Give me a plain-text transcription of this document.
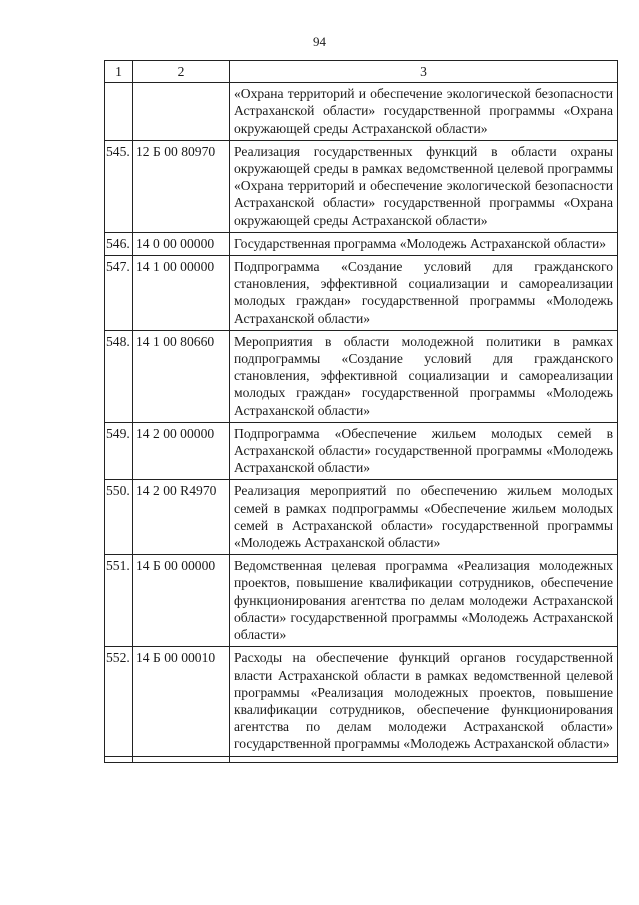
94
1	2	3
		«Охрана территорий и обеспечение экологической безопасности Астраханской области» государственной программы «Охрана окружающей среды Астраханской области»
545.	12 Б 00 80970	Реализация государственных функций в области охраны окружающей среды в рамках ведомственной целевой программы «Охрана территорий и обеспечение экологической безопасности Астраханской области» государственной программы «Охрана окружающей среды Астраханской области»
546.	14 0 00 00000	Государственная программа «Молодежь Астраханской области»
547.	14 1 00 00000	Подпрограмма «Создание условий для гражданского становления, эффективной социализации и самореализации молодых граждан» государственной программы «Молодежь Астраханской области»
548.	14 1 00 80660	Мероприятия в области молодежной политики в рамках подпрограммы «Создание условий для гражданского становления, эффективной социализации и самореализации молодых граждан» государственной программы «Молодежь Астраханской области»
549.	14 2 00 00000	Подпрограмма «Обеспечение жильем молодых семей в Астраханской области» государственной программы «Молодежь Астраханской области»
550.	14 2 00 R4970	Реализация мероприятий по обеспечению жильем молодых семей в рамках подпрограммы «Обеспечение жильем молодых семей в Астраханской области» государственной программы «Молодежь Астраханской области»
551.	14 Б 00 00000	Ведомственная целевая программа «Реализация молодежных проектов, повышение квалификации сотрудников, обеспечение функционирования агентства по делам молодежи Астраханской области» государственной программы «Молодежь Астраханской области»
552.	14 Б 00 00010	Расходы на обеспечение функций органов государственной власти Астраханской области в рамках ведомственной целевой программы «Реализация молодежных проектов, повышение квалификации сотрудников, обеспечение функционирования агентства по делам молодежи Астраханской области» государственной программы «Молодежь Астраханской области»
